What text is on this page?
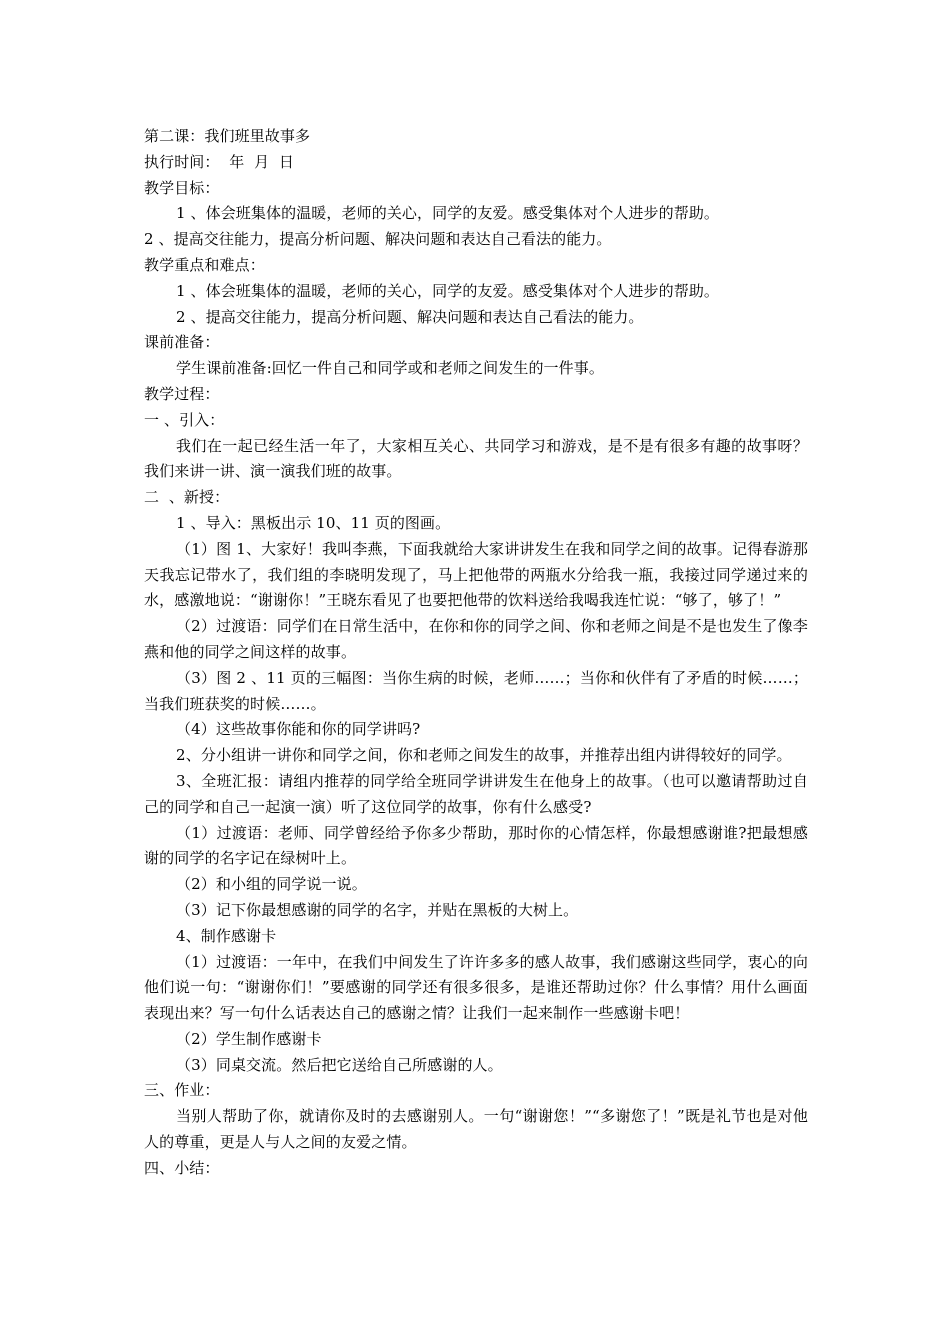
第二课：我们班里故事多
执行时间：  年  月  日
教学目标：
1 、体会班集体的温暖，老师的关心，同学的友爱。感受集体对个人进步的帮助。
2 、提高交往能力，提高分析问题、解决问题和表达自己看法的能力。
教学重点和难点：
1 、体会班集体的温暖，老师的关心，同学的友爱。感受集体对个人进步的帮助。
2 、提高交往能力，提高分析问题、解决问题和表达自己看法的能力。
课前准备：
学生课前准备:回忆一件自己和同学或和老师之间发生的一件事。
教学过程：
一 、引入：
我们在一起已经生活一年了，大家相互关心、共同学习和游戏，是不是有很多有趣的故事呀？我们来讲一讲、演一演我们班的故事。
二  、新授：
1 、导入：黑板出示 10、11 页的图画。
（1）图 1、大家好！我叫李燕，下面我就给大家讲讲发生在我和同学之间的故事。记得春游那天我忘记带水了，我们组的李晓明发现了，马上把他带的两瓶水分给我一瓶，我接过同学递过来的水，感激地说：“谢谢你！”王晓东看见了也要把他带的饮料送给我喝我连忙说：“够了，够了！”
（2）过渡语：同学们在日常生活中，在你和你的同学之间、你和老师之间是不是也发生了像李燕和他的同学之间这样的故事。
（3）图 2 、11 页的三幅图：当你生病的时候，老师……；当你和伙伴有了矛盾的时候……；当我们班获奖的时候……。
（4）这些故事你能和你的同学讲吗?
2、分小组讲一讲你和同学之间，你和老师之间发生的故事，并推荐出组内讲得较好的同学。
3、全班汇报：请组内推荐的同学给全班同学讲讲发生在他身上的故事。（也可以邀请帮助过自己的同学和自己一起演一演）听了这位同学的故事，你有什么感受?
（1）过渡语：老师、同学曾经给予你多少帮助，那时你的心情怎样，你最想感谢谁?把最想感谢的同学的名字记在绿树叶上。
（2）和小组的同学说一说。
（3）记下你最想感谢的同学的名字，并贴在黑板的大树上。
4、制作感谢卡
（1）过渡语：一年中，在我们中间发生了许许多多的感人故事，我们感谢这些同学，衷心的向他们说一句：“谢谢你们！”要感谢的同学还有很多很多，是谁还帮助过你？什么事情？用什么画面表现出来？写一句什么话表达自己的感谢之情？让我们一起来制作一些感谢卡吧！
（2）学生制作感谢卡
（3）同桌交流。然后把它送给自己所感谢的人。
三、作业：
当别人帮助了你，就请你及时的去感谢别人。一句“谢谢您！”“多谢您了！”既是礼节也是对他人的尊重，更是人与人之间的友爱之情。
四、小结：
